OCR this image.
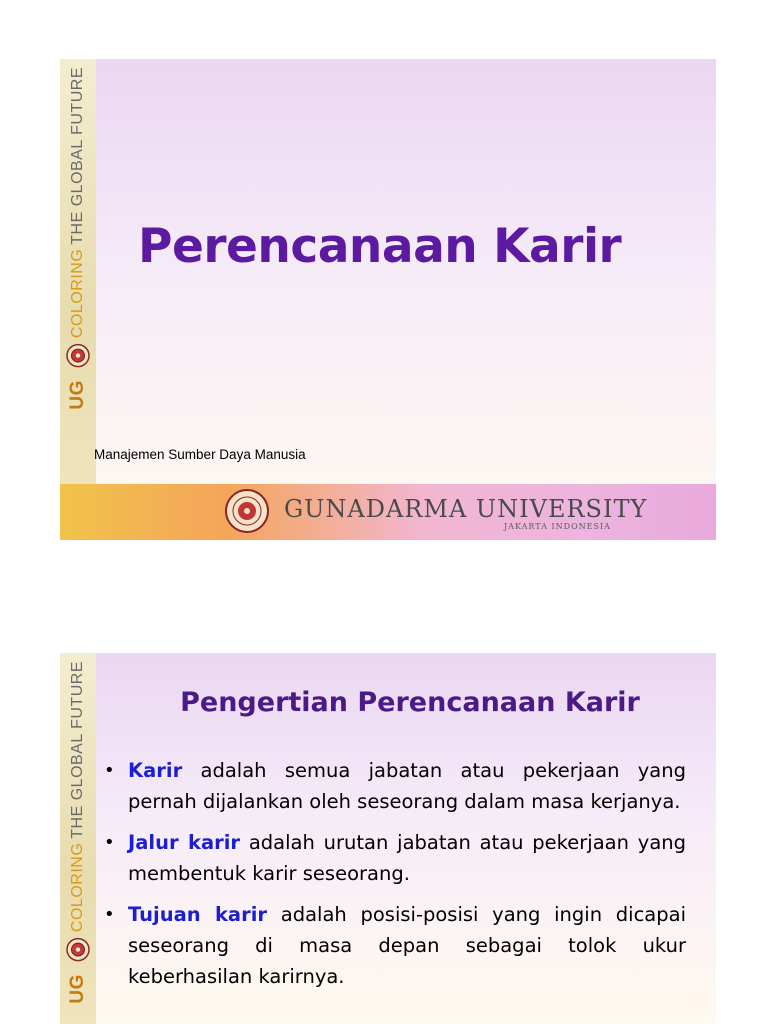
UG
COLORING
THE GLOBAL FUTURE
Perencanaan Karir
Manajemen Sumber Daya Manusia
GUNADARMA UNIVERSITY
JAKARTA INDONESIA
UG
COLORING
THE GLOBAL FUTURE	Pengertian Perencanaan Karir
• Karir adalah semua jabatan atau pekerjaan yang pernah dijalankan oleh seseorang dalam masa kerjanya.
• Jalur karir adalah urutan jabatan atau pekerjaan yang membentuk karir seseorang.
• Tujuan karir adalah posisi-posisi yang ingin dicapai seseorang di masa depan sebagai tolok ukur keberhasilan karirnya.
